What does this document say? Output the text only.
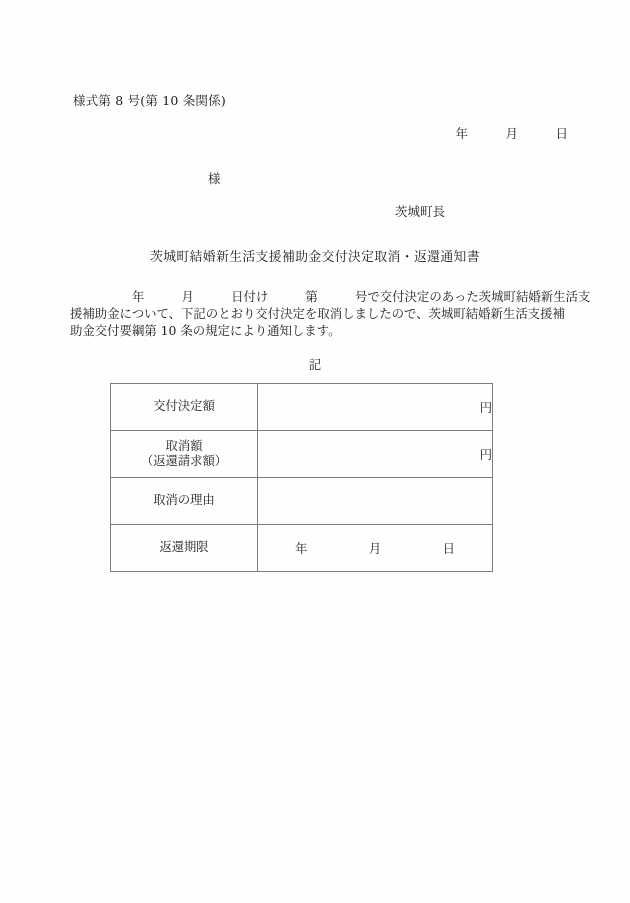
様式第 8 号(第 10 条関係)
年　　　月　　　日
様
茨城町長
茨城町結婚新生活支援補助金交付決定取消・返還通知書
　　　　　年　　　月　　　日付け　　　第　　　号で交付決定のあった茨城町結婚新生活支
援補助金について、下記のとおり交付決定を取消しましたので、茨城町結婚新生活支援補
助金交付要綱第 10 条の規定により通知します。
記
交付決定額	円

取消額
（返還請求額）	円

取消の理由	

返還期限	年　　　　　月　　　　　日
